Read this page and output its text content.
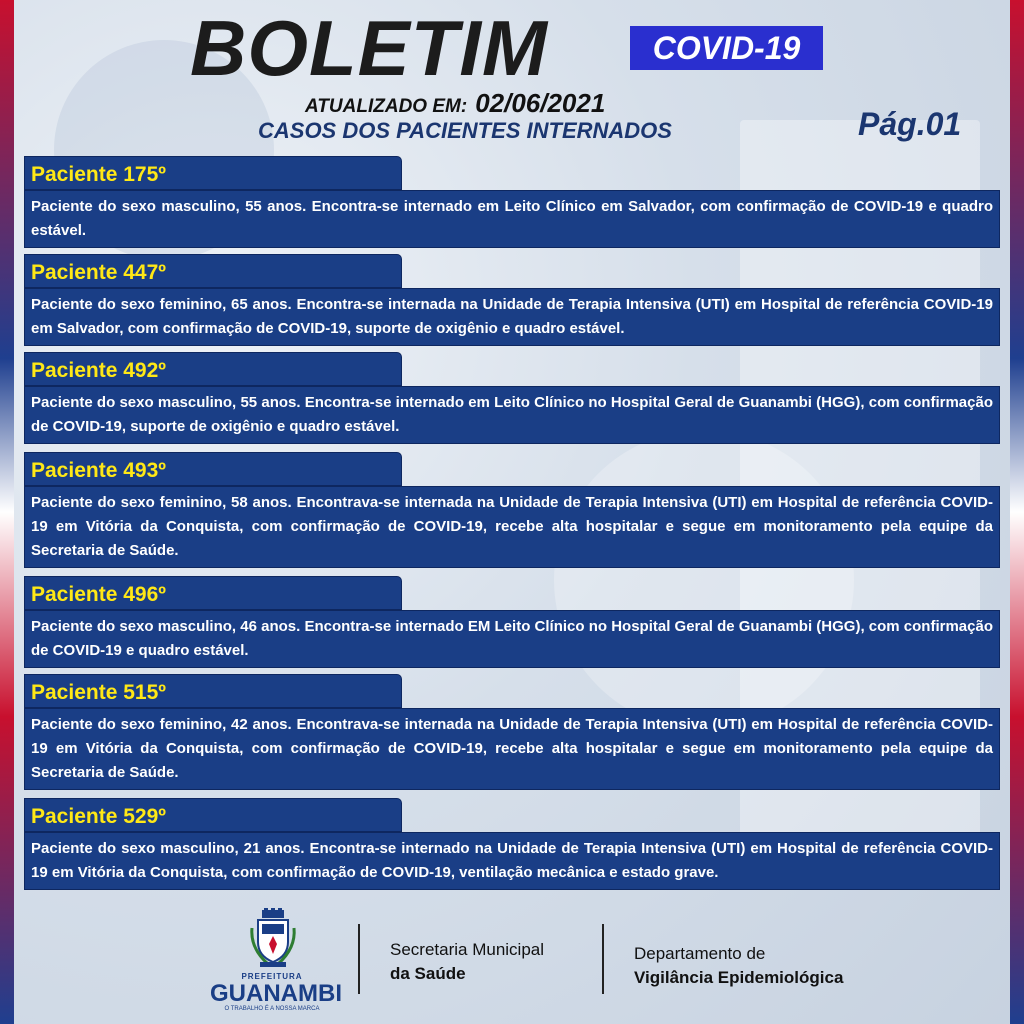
BOLETIM	COVID-19
ATUALIZADO EM: 02/06/2021
CASOS DOS PACIENTES INTERNADOS	Pág.01
Paciente 175º
Paciente do sexo masculino, 55 anos. Encontra-se internado em Leito Clínico em Salvador, com confirmação de COVID-19 e quadro estável.
Paciente 447º
Paciente do sexo feminino, 65 anos. Encontra-se internada na Unidade de Terapia Intensiva (UTI) em Hospital de referência COVID-19 em Salvador, com confirmação de COVID-19, suporte de oxigênio e quadro estável.
Paciente 492º
Paciente do sexo masculino, 55 anos. Encontra-se internado em Leito Clínico no Hospital Geral de Guanambi (HGG), com confirmação de COVID-19, suporte de oxigênio e quadro estável.
Paciente 493º
Paciente do sexo feminino, 58 anos. Encontrava-se internada na Unidade de Terapia Intensiva (UTI) em Hospital de referência COVID-19 em Vitória da Conquista, com confirmação de COVID-19, recebe alta hospitalar e segue em monitoramento pela equipe da Secretaria de Saúde.
Paciente 496º
Paciente do sexo masculino, 46 anos. Encontra-se internado EM Leito Clínico no Hospital Geral de Guanambi (HGG), com confirmação de COVID-19 e quadro estável.
Paciente 515º
Paciente do sexo feminino, 42 anos. Encontrava-se internada na Unidade de Terapia Intensiva (UTI) em Hospital de referência COVID-19 em Vitória da Conquista, com confirmação de COVID-19, recebe alta hospitalar e segue em monitoramento pela equipe da Secretaria de Saúde.
Paciente 529º
Paciente do sexo masculino, 21 anos. Encontra-se internado na Unidade de Terapia Intensiva (UTI) em Hospital de referência COVID-19 em Vitória da Conquista, com confirmação de COVID-19, ventilação mecânica e estado grave.
PREFEITURA
GUANAMBI
O TRABALHO É A NOSSA MARCA
Secretaria Municipal
da Saúde
Departamento de
Vigilância Epidemiológica
